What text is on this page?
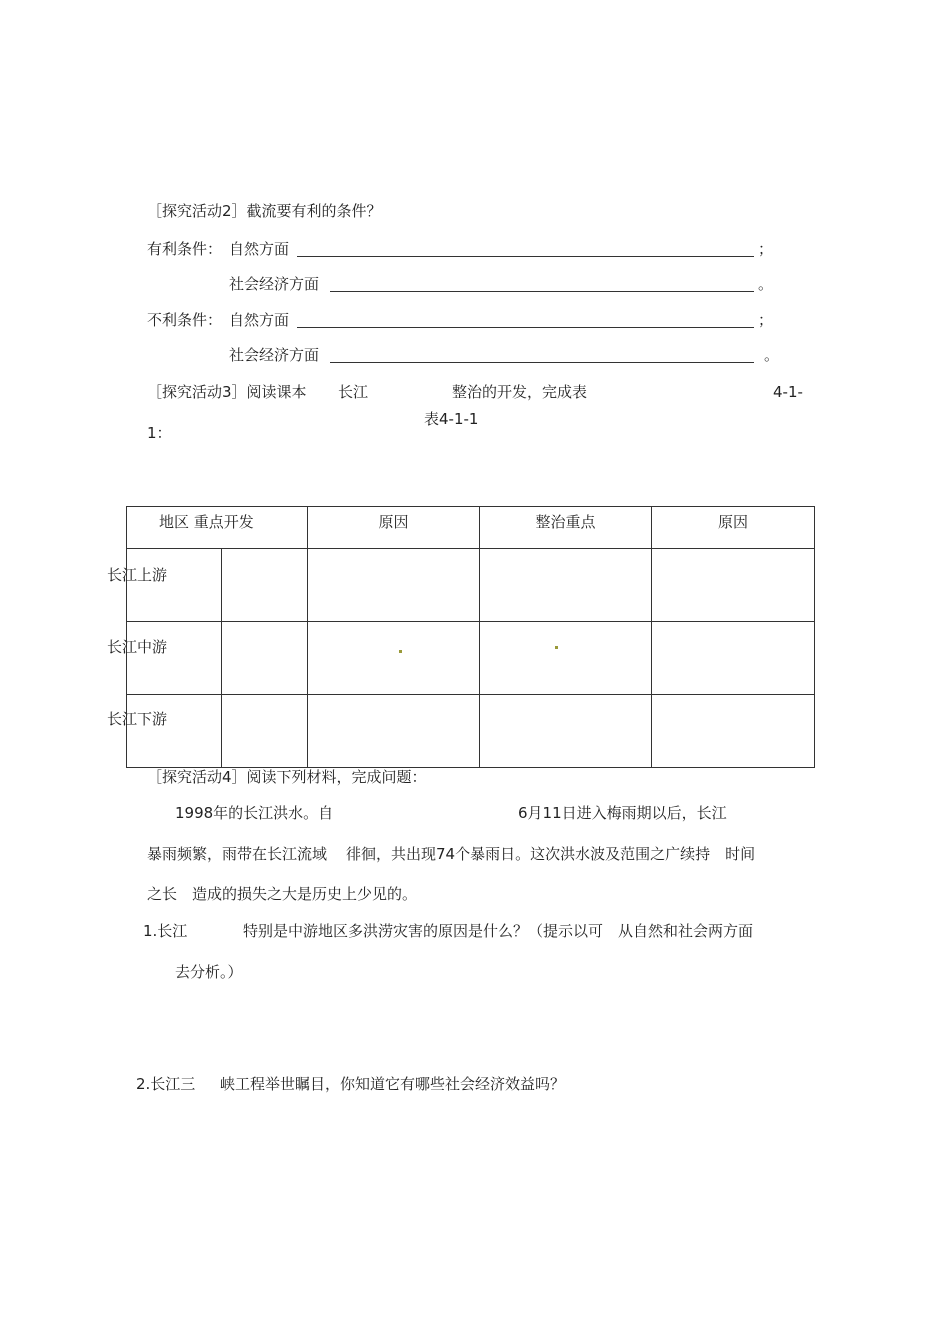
［探究活动2］截流要有利的条件？
有利条件： 自然方面	；
社会经济方面	。
不利条件： 自然方面	；
社会经济方面	。
［探究活动3］阅读课本 长江	整治的开发，完成表	4-1-
表4-1-1
1：
地区 重点开发		原因	整治重点	原因

长江上游
长江中游
长江下游
［探究活动4］阅读下列材料，完成问题：
1998年的长江洪水。自	6月11日进入梅雨期以后，长江
暴雨频繁，雨带在长江流域 徘徊，共出现74个暴雨日。这次洪水波及范围之广续持　时间
之长　造成的损失之大是历史上少见的。
1.长江	特别是中游地区多洪涝灾害的原因是什么？（提示以可　从自然和社会两方面
去分析。）
2.长江三 峡工程举世瞩目，你知道它有哪些社会经济效益吗？
